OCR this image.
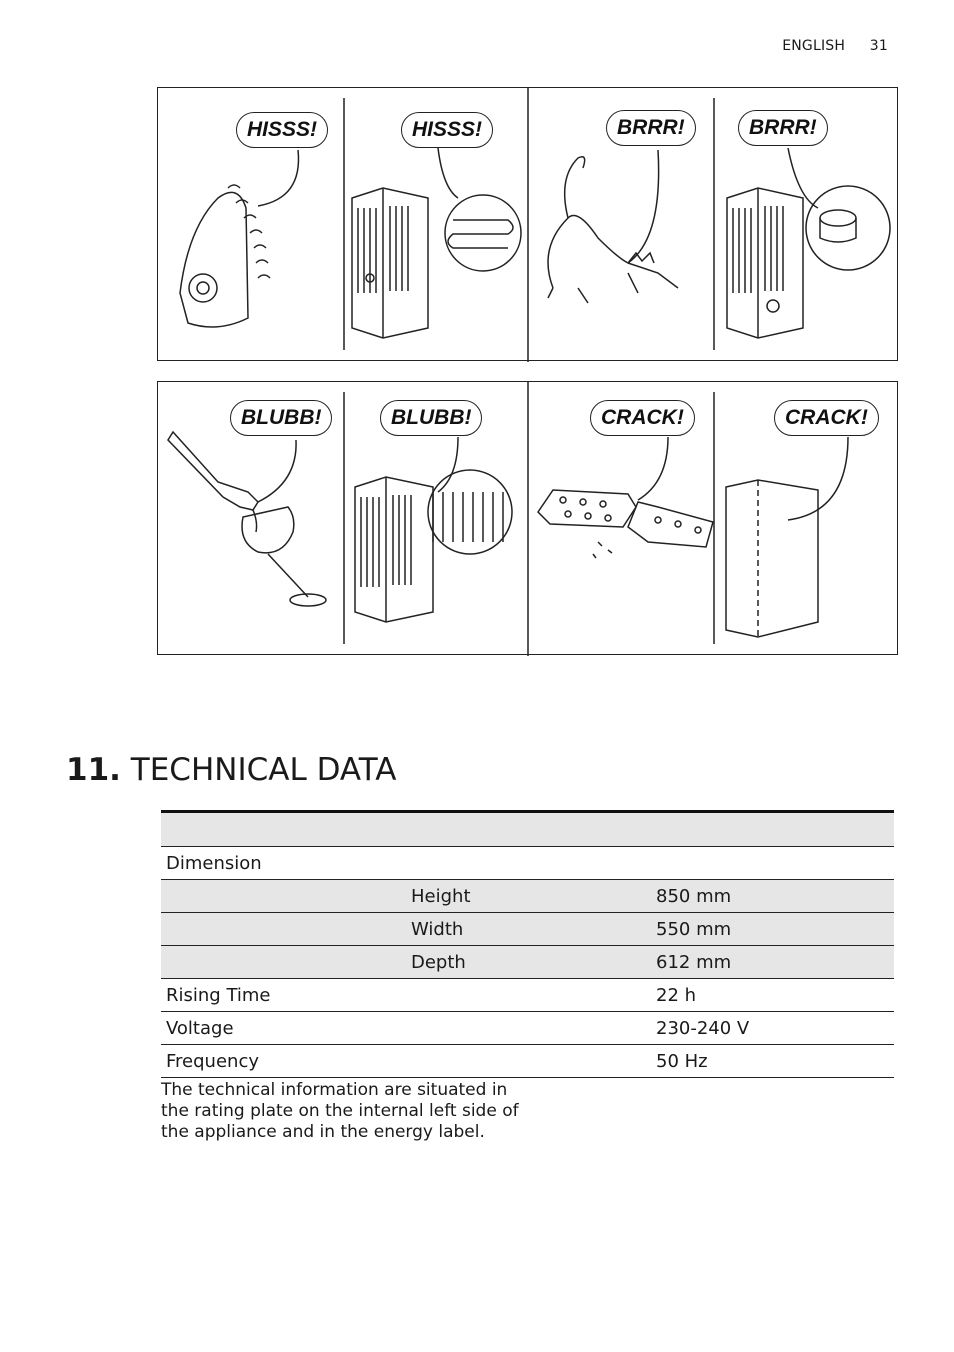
ENGLISH 31
HISSS!	HISSS!	BRRR!	BRRR!
BLUBB!	BLUBB!	CRACK!	CRACK!
11. TECHNICAL DATA

Dimension		
	Height	850 mm
	Width	550 mm
	Depth	612 mm
Rising Time		22 h
Voltage		230-240 V
Frequency		50 Hz

The technical information are situated in the rating plate on the internal left side of the appliance and in the energy label.
